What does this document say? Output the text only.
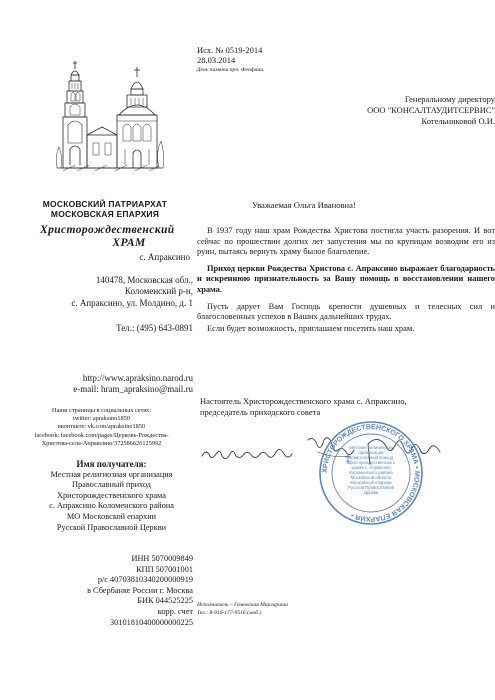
МОСКОВСКИЙ ПАТРИАРХАТ
МОСКОВСКАЯ ЕПАРХИЯ
Христорождественский
ХРАМ
с. Апраксино
140478, Московская обл.,
Коломенский р-н,
с. Апраксино, ул. Молдино, д. 1
Тел.: (495) 643-0891
http://www.apraksino.narod.ru
e-mail: hram_apraksino@mail.ru
Наши страницы в социальных сетях:
twitter: apraksino1850
вконтакте: vk.com/apraksino1850
facebook: facebook.com/pages/Церковь-Рождества-
Христова-села-Апраксино/372586626125992
Имя получателя:
Местная религиозная организация
Православный приход
Христорождественского храма
с. Апраксино Коломенского района
МО Московской епархии
Русской Православной Церкви
ИНН 5070009849
КПП 507001001
р/с 40703810340200000919
в Сбербанке России г. Москва
БИК 044525225
корр. счет
30101810400000000225
Исх. № 0519-2014
28.03.2014
День памяти прп. Феофана.
Генеральному директору
ООО "КОНСАЛТАУДИТСЕРВИС"
Котельниковой О.И.
Уважаемая Ольга Ивановна!

В 1937 году наш храм Рождества Христова постигла участь разорения. И вот сейчас по прошествии долгих лет запустения мы по крупицам возводим его из руин, пытаясь вернуть храму былое благолепие.

Приход церкви Рождества Христова с. Апраксино выражает благодарность и искреннюю признательность за Вашу помощь в восстановлении нашего храма.

Пусть дарует Вам Господь крепости душевных и телесных сил и благословенных успехов в Ваших дальнейших трудах.

Если будет возможность, приглашаем посетить наш храм.

Настоятель Христорождественского храма с. Апраксино,
председатель приходского совета
ХРИСТОРОЖДЕСТВЕНСКОГО ХРАМА • МОСКОВСКАЯ ЕПАРХИЯ •
Местная религиозная
организация
православный приход
Христорождественского
храма с. Апраксино
Коломенского района
Московской области
Московской епархии
Русской Православной
Церкви
Исполнитель – Гамовская Маргарита
Тел.: 8-916-177-9516 (моб.)
